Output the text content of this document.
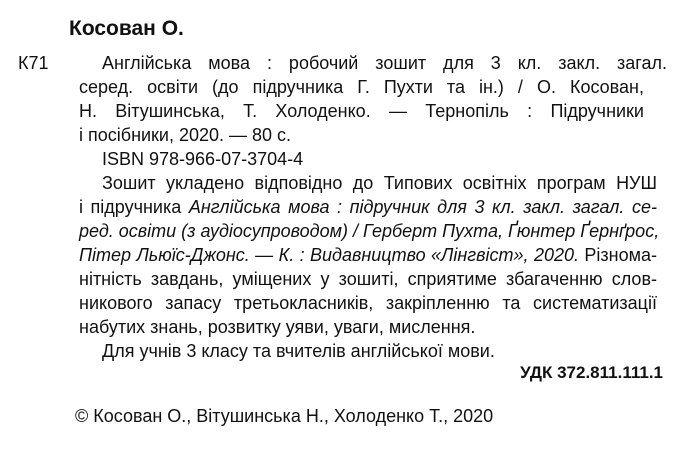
Косован О.
К71	Англійська мова : робочий зошит для 3 кл. закл. загал.
серед. освіти (до підручника Г. Пухти та ін.) / О. Косован,
Н. Вітушинська, Т. Холоденко. — Тернопіль : Підручники
і посібники, 2020. — 80 с.
ISBN 978-966-07-3704-4
Зошит укладено відповідно до Типових освітніх програм НУШ
і підручника Англійська мова : підручник для 3 кл. закл. загал. се-
ред. освіти (з аудіосупроводом) / Герберт Пухта, Ґюнтер Ґернґрос,
Пітер Льюїс-Джонс. — К. : Видавництво «Лінгвіст», 2020. Різнома-
нітність завдань, уміщених у зошиті, сприятиме збагаченню слов-
никового запасу третьокласників, закріпленню та систематизації
набутих знань, розвитку уяви, уваги, мислення.
Для учнів 3 класу та вчителів англійської мови.
УДК 372.811.111.1
© Косован О., Вітушинська Н., Холоденко Т., 2020
